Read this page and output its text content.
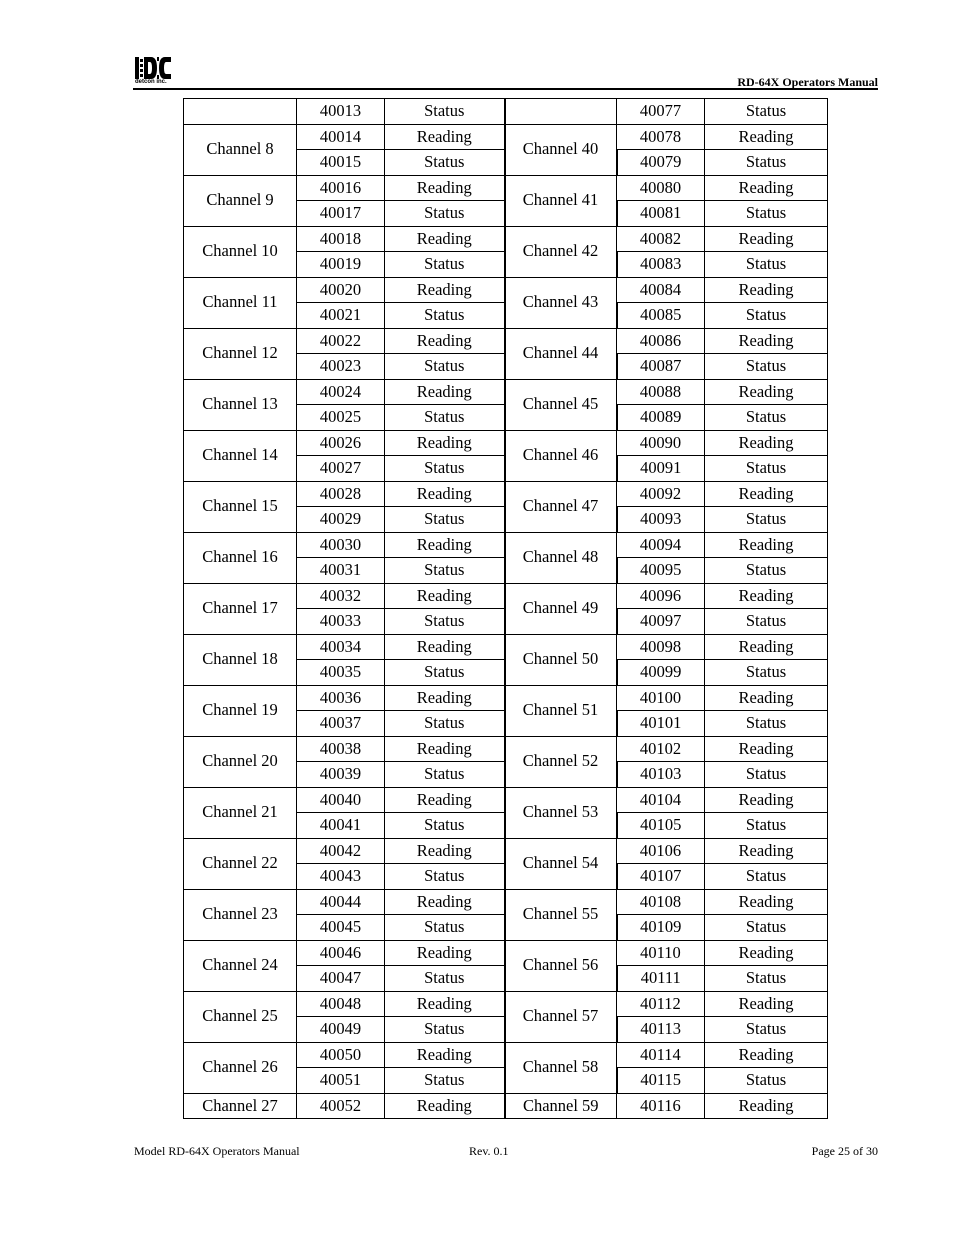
detcon inc.	RD-64X Operators Manual
	40013	Status		40077	Status
Channel 8	40014	Reading	Channel 40	40078	Reading
	40015	Status		40079	Status
Channel 9	40016	Reading	Channel 41	40080	Reading
	40017	Status		40081	Status
Channel 10	40018	Reading	Channel 42	40082	Reading
	40019	Status		40083	Status
Channel 11	40020	Reading	Channel 43	40084	Reading
	40021	Status		40085	Status
Channel 12	40022	Reading	Channel 44	40086	Reading
	40023	Status		40087	Status
Channel 13	40024	Reading	Channel 45	40088	Reading
	40025	Status		40089	Status
Channel 14	40026	Reading	Channel 46	40090	Reading
	40027	Status		40091	Status
Channel 15	40028	Reading	Channel 47	40092	Reading
	40029	Status		40093	Status
Channel 16	40030	Reading	Channel 48	40094	Reading
	40031	Status		40095	Status
Channel 17	40032	Reading	Channel 49	40096	Reading
	40033	Status		40097	Status
Channel 18	40034	Reading	Channel 50	40098	Reading
	40035	Status		40099	Status
Channel 19	40036	Reading	Channel 51	40100	Reading
	40037	Status		40101	Status
Channel 20	40038	Reading	Channel 52	40102	Reading
	40039	Status		40103	Status
Channel 21	40040	Reading	Channel 53	40104	Reading
	40041	Status		40105	Status
Channel 22	40042	Reading	Channel 54	40106	Reading
	40043	Status		40107	Status
Channel 23	40044	Reading	Channel 55	40108	Reading
	40045	Status		40109	Status
Channel 24	40046	Reading	Channel 56	40110	Reading
	40047	Status		40111	Status
Channel 25	40048	Reading	Channel 57	40112	Reading
	40049	Status		40113	Status
Channel 26	40050	Reading	Channel 58	40114	Reading
	40051	Status		40115	Status
Channel 27	40052	Reading	Channel 59	40116	Reading
Model RD-64X Operators Manual	Rev. 0.1	Page 25 of 30
